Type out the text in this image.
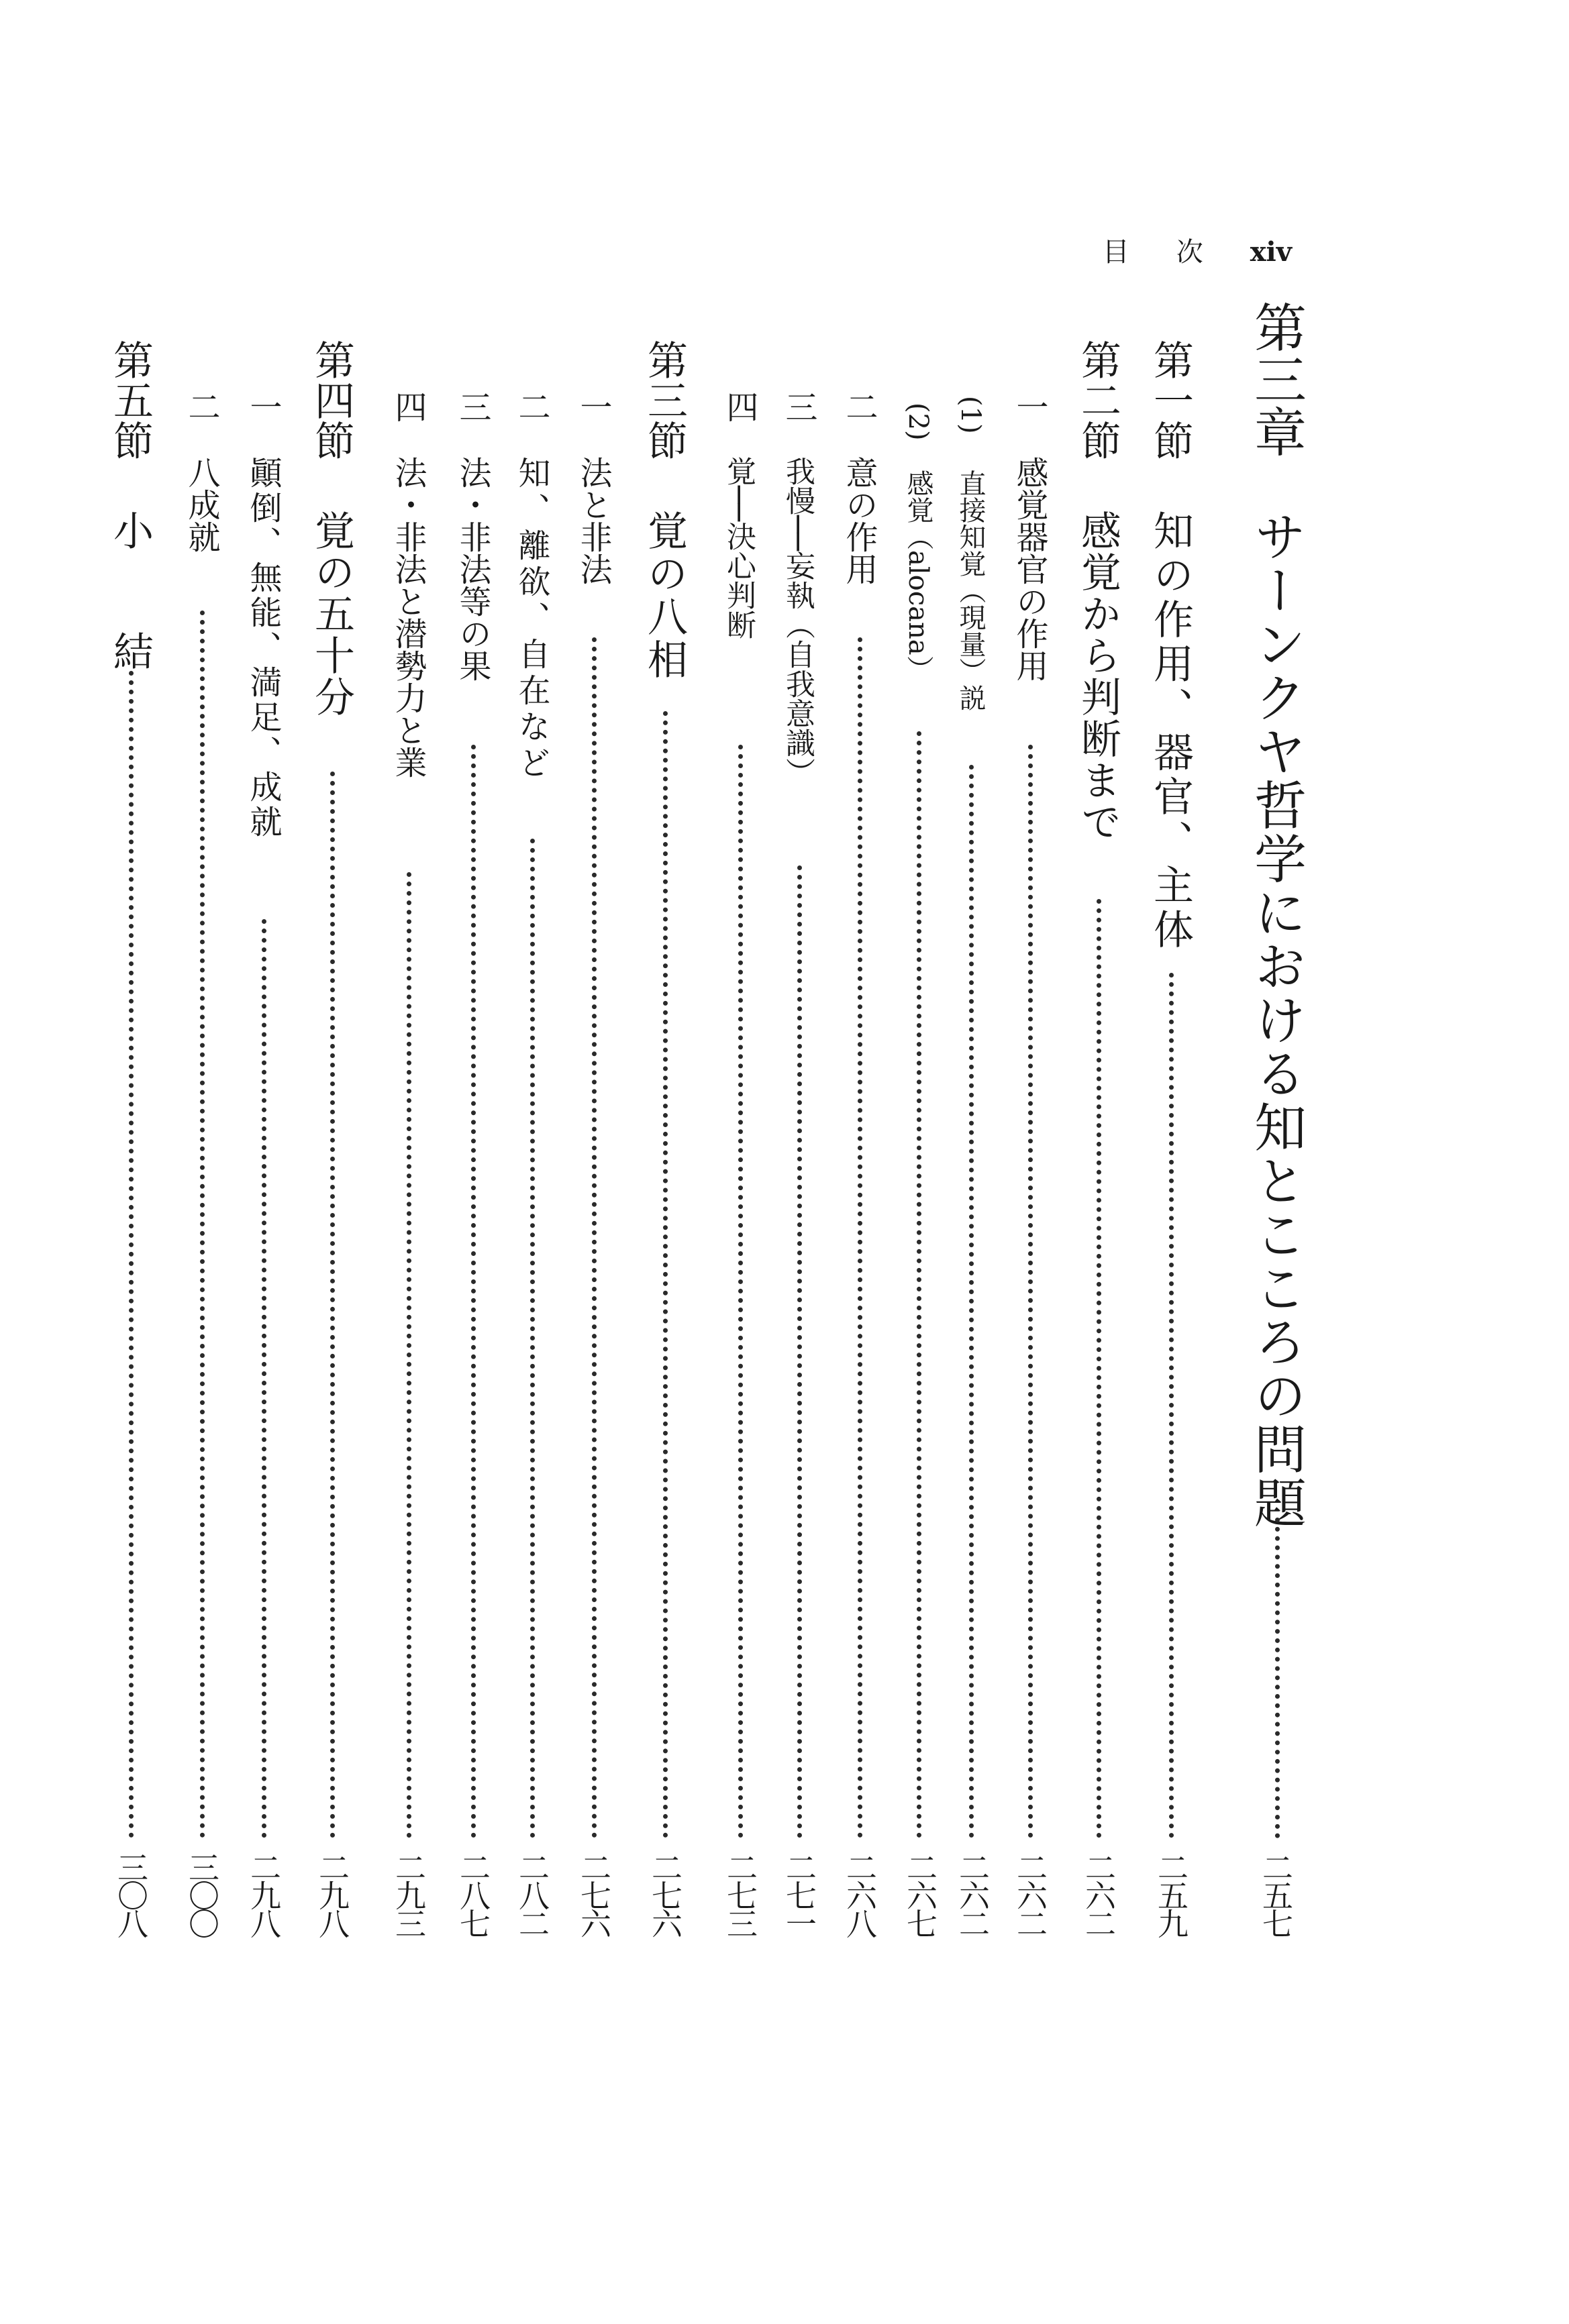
目 次 xiv
第三章
サーンクヤ哲学における知とこころの問題
二五七
第一節
知の作用、器官、主体
二五九
第二節
感覚から判断まで
二六二
一
感覚器官の作用
二六二
(1)
直接知覚（現量）説
二六二
(2)
感覚（alocana）
二六七
二
意の作用
二六八
三
我慢──妄執（自我意識）
二七一
四
覚──決心判断
二七三
第三節
覚の八相
二七六
一
法と非法
二七六
二
知、離欲、自在など
二八二
三
法・非法等の果
二八七
四
法・非法と潜勢力と業
二九三
第四節
覚の五十分
二九八
一
顚倒、無能、満足、成就
二九八
二
八成就
三〇〇
第五節
小　結
三〇八
